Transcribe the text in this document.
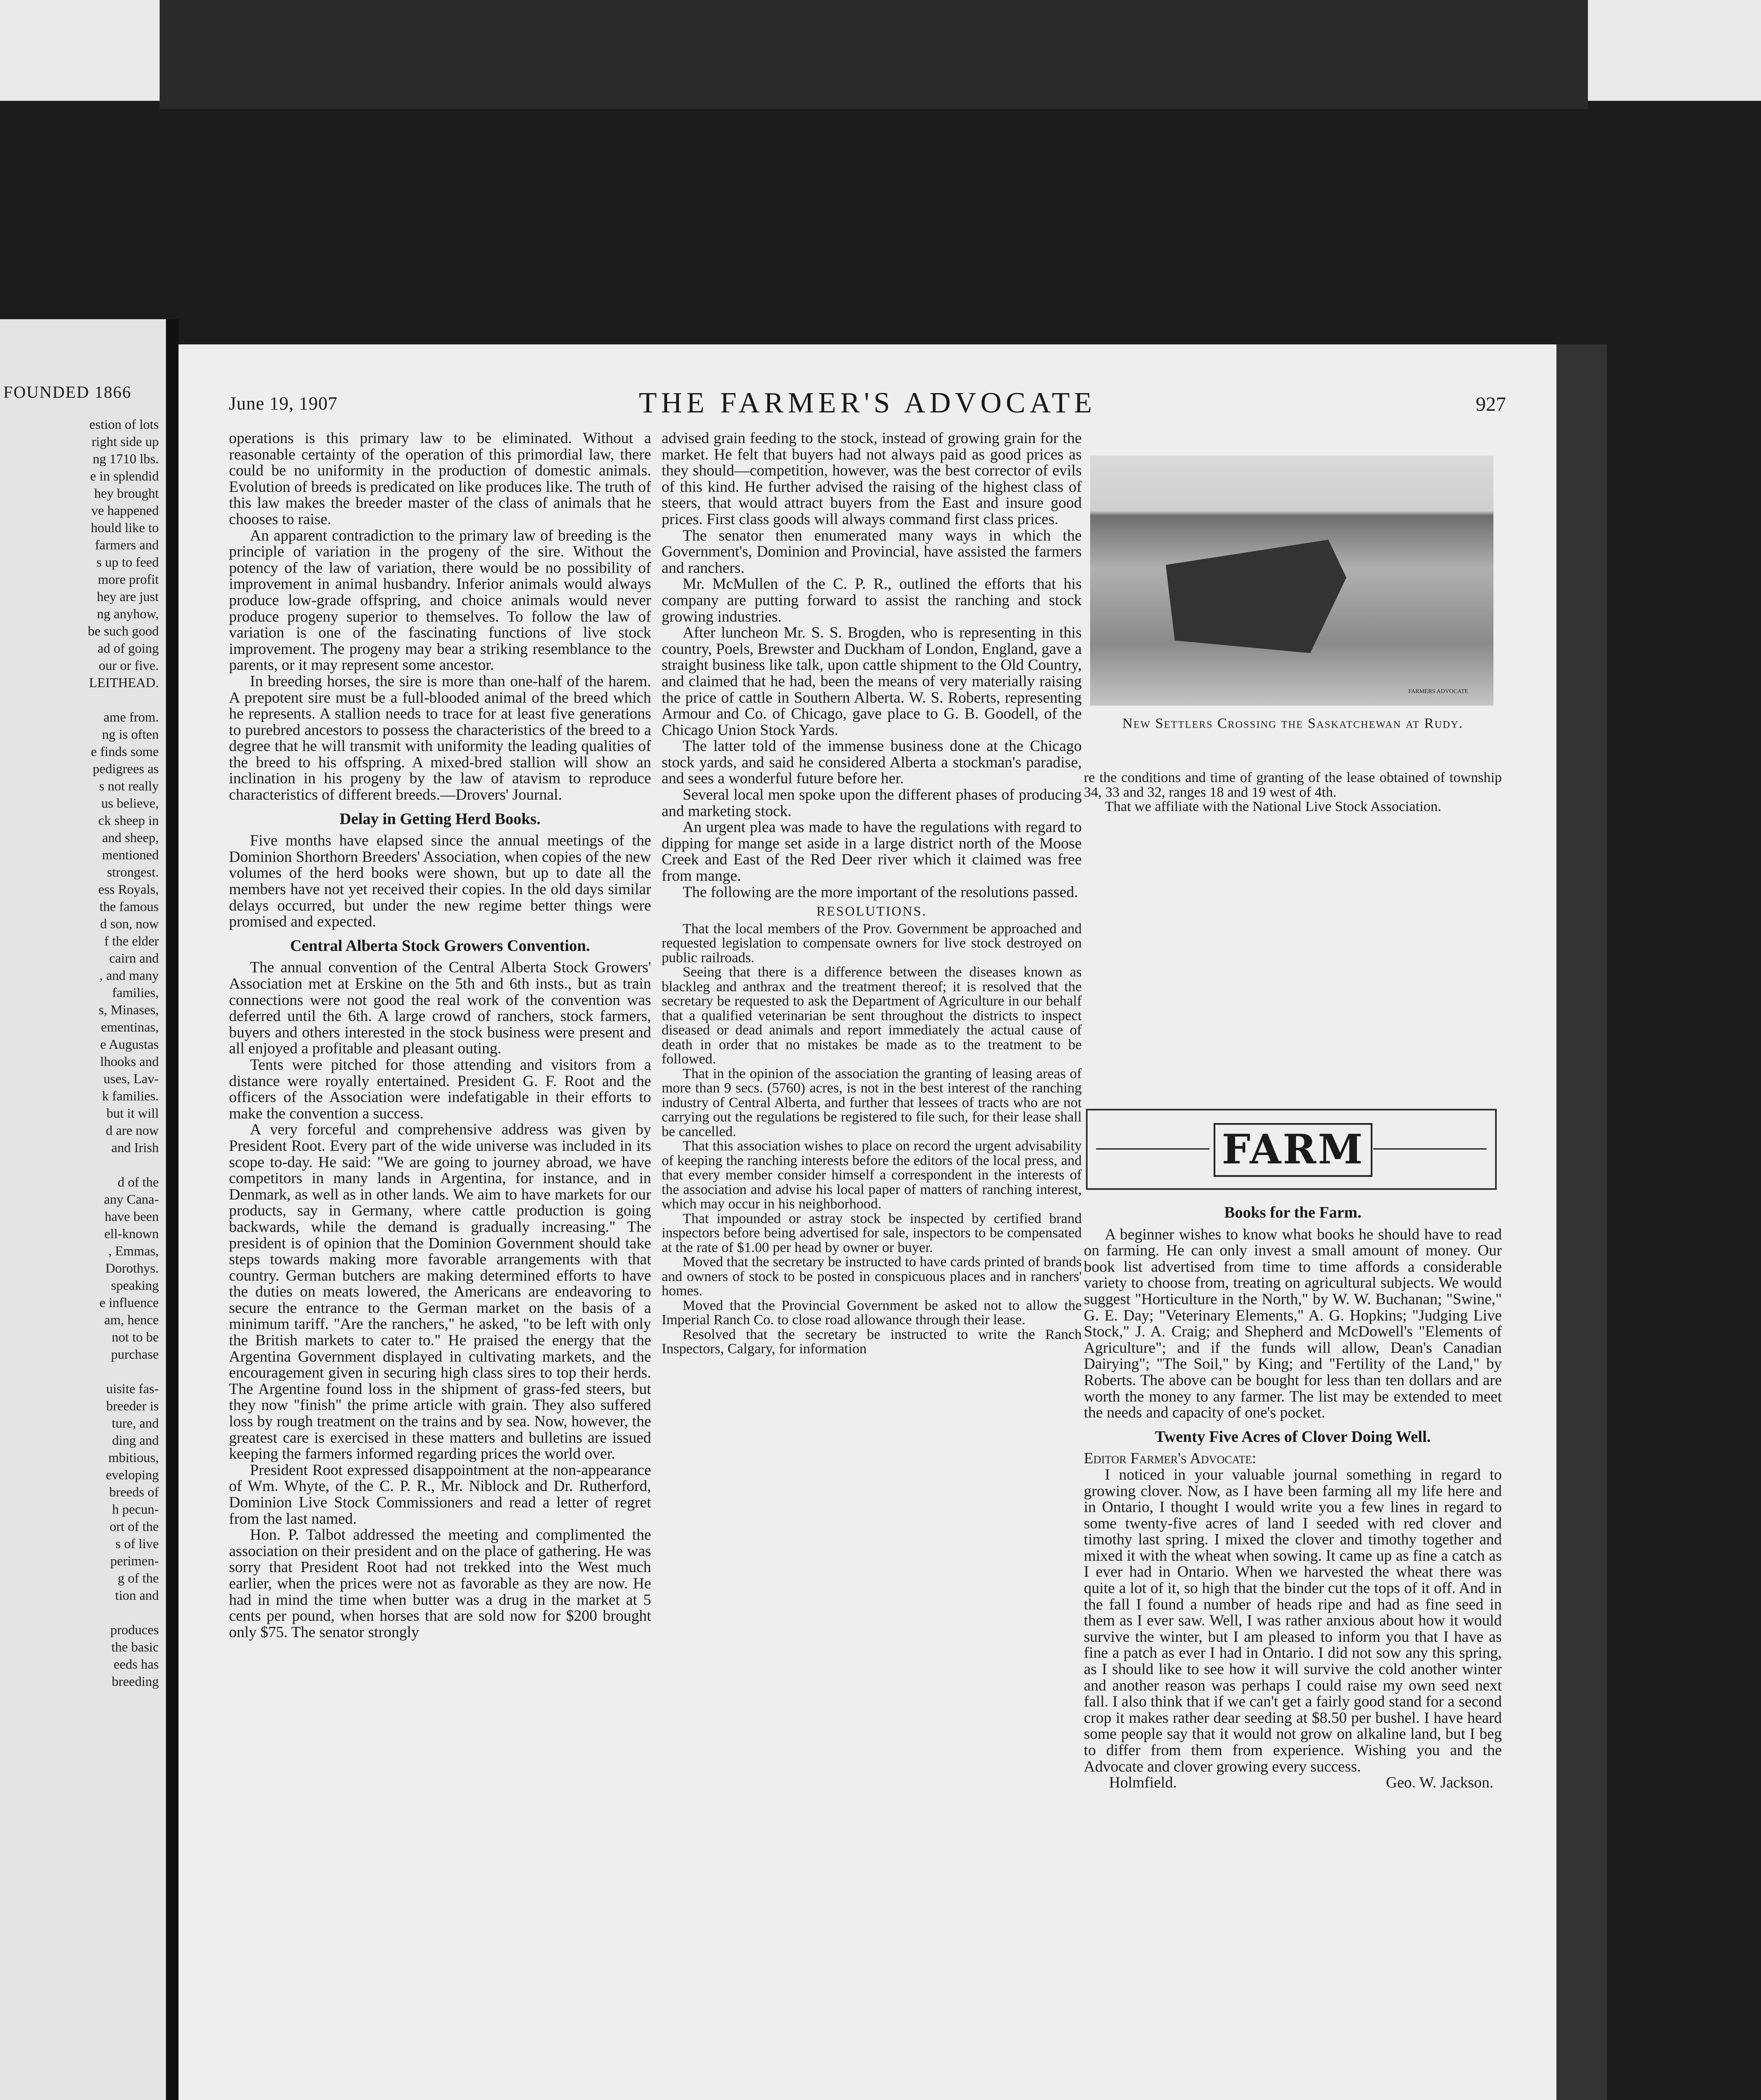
FOUNDED 1866
estion of lots
right side up
ng 1710 lbs.
e in splendid
hey brought
ve happened
hould like to
farmers and
s up to feed
more profit
hey are just
ng anyhow,
be such good
ad of going
our or five.
LEITHEAD.

ame from.
ng is often
e finds some
pedigrees as
s not really
us believe,
ck sheep in
and sheep,
mentioned
strongest.
ess Royals,
the famous
d son, now
f the elder
cairn and
, and many
families,
s, Minases,
ementinas,
e Augustas
lhooks and
uses, Lav-
k families.
but it will
d are now
and Irish

d of the
any Cana-
have been
ell-known
, Emmas,
Dorothys.
speaking
e influence
am, hence
not to be
purchase

uisite fas-
breeder is
ture, and
ding and
mbitious,
eveloping
breeds of
h pecun-
ort of the
s of live
perimen-
g of the
tion and

produces
the basic
eeds has
breeding
June 19, 1907	THE FARMER'S ADVOCATE	927

operations is this primary law to be eliminated. Without a reasonable certainty of the operation of this primordial law, there could be no uniformity in the production of domestic animals. Evolution of breeds is predicated on like produces like. The truth of this law makes the breeder master of the class of animals that he chooses to raise.

An apparent contradiction to the primary law of breeding is the principle of variation in the progeny of the sire. Without the potency of the law of variation, there would be no possibility of improvement in animal husbandry. Inferior animals would always produce low-grade offspring, and choice animals would never produce progeny superior to themselves. To follow the law of variation is one of the fascinating functions of live stock improvement. The progeny may bear a striking resemblance to the parents, or it may represent some ancestor.

In breeding horses, the sire is more than one-half of the harem. A prepotent sire must be a full-blooded animal of the breed which he represents. A stallion needs to trace for at least five generations to purebred ancestors to possess the characteristics of the breed to a degree that he will transmit with uniformity the leading qualities of the breed to his offspring. A mixed-bred stallion will show an inclination in his progeny by the law of atavism to reproduce characteristics of different breeds.—Drovers' Journal.

Delay in Getting Herd Books.

Five months have elapsed since the annual meetings of the Dominion Shorthorn Breeders' Association, when copies of the new volumes of the herd books were shown, but up to date all the members have not yet received their copies. In the old days similar delays occurred, but under the new regime better things were promised and expected.

Central Alberta Stock Growers Convention.

The annual convention of the Central Alberta Stock Growers' Association met at Erskine on the 5th and 6th insts., but as train connections were not good the real work of the convention was deferred until the 6th. A large crowd of ranchers, stock farmers, buyers and others interested in the stock business were present and all enjoyed a profitable and pleasant outing.

Tents were pitched for those attending and visitors from a distance were royally entertained. President G. F. Root and the officers of the Association were indefatigable in their efforts to make the convention a success.

A very forceful and comprehensive address was given by President Root. Every part of the wide universe was included in its scope to-day. He said: "We are going to journey abroad, we have competitors in many lands in Argentina, for instance, and in Denmark, as well as in other lands. We aim to have markets for our products, say in Germany, where cattle production is going backwards, while the demand is gradually increasing." The president is of opinion that the Dominion Government should take steps towards making more favorable arrangements with that country. German butchers are making determined efforts to have the duties on meats lowered, the Americans are endeavoring to secure the entrance to the German market on the basis of a minimum tariff. "Are the ranchers," he asked, "to be left with only the British markets to cater to." He praised the energy that the Argentina Government displayed in cultivating markets, and the encouragement given in securing high class sires to top their herds. The Argentine found loss in the shipment of grass-fed steers, but they now "finish" the prime article with grain. They also suffered loss by rough treatment on the trains and by sea. Now, however, the greatest care is exercised in these matters and bulletins are issued keeping the farmers informed regarding prices the world over.

President Root expressed disappointment at the non-appearance of Wm. Whyte, of the C. P. R., Mr. Niblock and Dr. Rutherford, Dominion Live Stock Commissioners and read a letter of regret from the last named.

Hon. P. Talbot addressed the meeting and complimented the association on their president and on the place of gathering. He was sorry that President Root had not trekked into the West much earlier, when the prices were not as favorable as they are now. He had in mind the time when butter was a drug in the market at 5 cents per pound, when horses that are sold now for $200 brought only $75. The senator strongly

advised grain feeding to the stock, instead of growing grain for the market. He felt that buyers had not always paid as good prices as they should—competition, however, was the best corrector of evils of this kind. He further advised the raising of the highest class of steers, that would attract buyers from the East and insure good prices. First class goods will always command first class prices.

The senator then enumerated many ways in which the Government's, Dominion and Provincial, have assisted the farmers and ranchers.

Mr. McMullen of the C. P. R., outlined the efforts that his company are putting forward to assist the ranching and stock growing industries.

After luncheon Mr. S. S. Brogden, who is representing in this country, Poels, Brewster and Duckham of London, England, gave a straight business like talk, upon cattle shipment to the Old Country, and claimed that he had, been the means of very materially raising the price of cattle in Southern Alberta. W. S. Roberts, representing Armour and Co. of Chicago, gave place to G. B. Goodell, of the Chicago Union Stock Yards.

The latter told of the immense business done at the Chicago stock yards, and said he considered Alberta a stockman's paradise, and sees a wonderful future before her.

Several local men spoke upon the different phases of producing and marketing stock.

An urgent plea was made to have the regulations with regard to dipping for mange set aside in a large district north of the Moose Creek and East of the Red Deer river which it claimed was free from mange.

The following are the more important of the resolutions passed.

RESOLUTIONS.

That the local members of the Prov. Government be approached and requested legislation to compensate owners for live stock destroyed on public railroads.

Seeing that there is a difference between the diseases known as blackleg and anthrax and the treatment thereof; it is resolved that the secretary be requested to ask the Department of Agriculture in our behalf that a qualified veterinarian be sent throughout the districts to inspect diseased or dead animals and report immediately the actual cause of death in order that no mistakes be made as to the treatment to be followed.

That in the opinion of the association the granting of leasing areas of more than 9 secs. (5760) acres, is not in the best interest of the ranching industry of Central Alberta, and further that lessees of tracts who are not carrying out the regulations be registered to file such, for their lease shall be cancelled.

That this association wishes to place on record the urgent advisability of keeping the ranching interests before the editors of the local press, and that every member consider himself a correspondent in the interests of the association and advise his local paper of matters of ranching interest, which may occur in his neighborhood.

That impounded or astray stock be inspected by certified brand inspectors before being advertised for sale, inspectors to be compensated at the rate of $1.00 per head by owner or buyer.

Moved that the secretary be instructed to have cards printed of brands and owners of stock to be posted in conspicuous places and in ranchers' homes.

Moved that the Provincial Government be asked not to allow the Imperial Ranch Co. to close road allowance through their lease.

Resolved that the secretary be instructed to write the Ranch Inspectors, Calgary, for information

FARMERS ADVOCATE
New Settlers Crossing the Saskatchewan at Rudy.

re the conditions and time of granting of the lease obtained of township 34, 33 and 32, ranges 18 and 19 west of 4th.

That we affiliate with the National Live Stock Association.

FARM
Books for the Farm.

A beginner wishes to know what books he should have to read on farming. He can only invest a small amount of money. Our book list advertised from time to time affords a considerable variety to choose from, treating on agricultural subjects. We would suggest "Horticulture in the North," by W. W. Buchanan; "Swine," G. E. Day; "Veterinary Elements," A. G. Hopkins; "Judging Live Stock," J. A. Craig; and Shepherd and McDowell's "Elements of Agriculture"; and if the funds will allow, Dean's Canadian Dairying"; "The Soil," by King; and "Fertility of the Land," by Roberts. The above can be bought for less than ten dollars and are worth the money to any farmer. The list may be extended to meet the needs and capacity of one's pocket.

Twenty Five Acres of Clover Doing Well.

Editor Farmer's Advocate:

I noticed in your valuable journal something in regard to growing clover. Now, as I have been farming all my life here and in Ontario, I thought I would write you a few lines in regard to some twenty-five acres of land I seeded with red clover and timothy last spring. I mixed the clover and timothy together and mixed it with the wheat when sowing. It came up as fine a catch as I ever had in Ontario. When we harvested the wheat there was quite a lot of it, so high that the binder cut the tops of it off. And in the fall I found a number of heads ripe and had as fine seed in them as I ever saw. Well, I was rather anxious about how it would survive the winter, but I am pleased to inform you that I have as fine a patch as ever I had in Ontario. I did not sow any this spring, as I should like to see how it will survive the cold another winter and another reason was perhaps I could raise my own seed next fall. I also think that if we can't get a fairly good stand for a second crop it makes rather dear seeding at $8.50 per bushel. I have heard some people say that it would not grow on alkaline land, but I beg to differ from them from experience. Wishing you and the Advocate and clover growing every success.

Holmfield.	Geo. W. Jackson.
